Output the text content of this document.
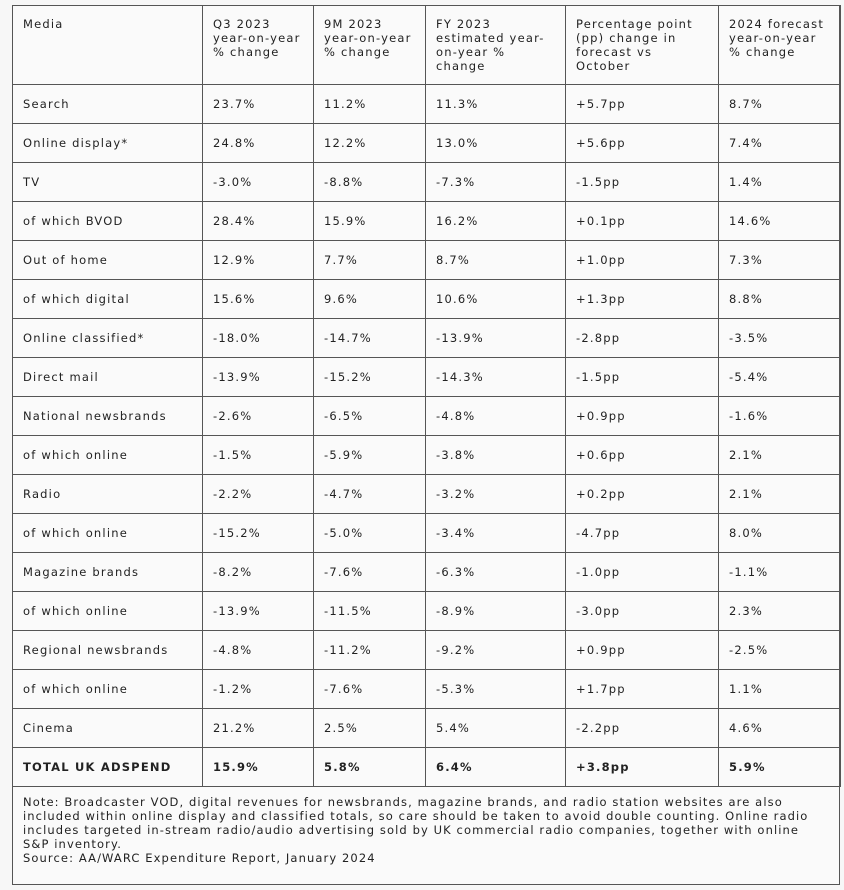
Media	Q3 2023 year-on-year % change	9M 2023 year-on-year % change	FY 2023 estimated year-on-year % change	Percentage point (pp) change in forecast vs October	2024 forecast year-on-year % change
Search	23.7%	11.2%	11.3%	+5.7pp	8.7%
Online display*	24.8%	12.2%	13.0%	+5.6pp	7.4%
TV	-3.0%	-8.8%	-7.3%	-1.5pp	1.4%
of which BVOD	28.4%	15.9%	16.2%	+0.1pp	14.6%
Out of home	12.9%	7.7%	8.7%	+1.0pp	7.3%
of which digital	15.6%	9.6%	10.6%	+1.3pp	8.8%
Online classified*	-18.0%	-14.7%	-13.9%	-2.8pp	-3.5%
Direct mail	-13.9%	-15.2%	-14.3%	-1.5pp	-5.4%
National newsbrands	-2.6%	-6.5%	-4.8%	+0.9pp	-1.6%
of which online	-1.5%	-5.9%	-3.8%	+0.6pp	2.1%
Radio	-2.2%	-4.7%	-3.2%	+0.2pp	2.1%
of which online	-15.2%	-5.0%	-3.4%	-4.7pp	8.0%
Magazine brands	-8.2%	-7.6%	-6.3%	-1.0pp	-1.1%
of which online	-13.9%	-11.5%	-8.9%	-3.0pp	2.3%
Regional newsbrands	-4.8%	-11.2%	-9.2%	+0.9pp	-2.5%
of which online	-1.2%	-7.6%	-5.3%	+1.7pp	1.1%
Cinema	21.2%	2.5%	5.4%	-2.2pp	4.6%
TOTAL UK ADSPEND	15.9%	5.8%	6.4%	+3.8pp	5.9%

Note: Broadcaster VOD, digital revenues for newsbrands, magazine brands, and radio station websites are also included within online display and classified totals, so care should be taken to avoid double counting. Online radio includes targeted in-stream radio/audio advertising sold by UK commercial radio companies, together with online S&P inventory.

Source: AA/WARC Expenditure Report, January 2024
